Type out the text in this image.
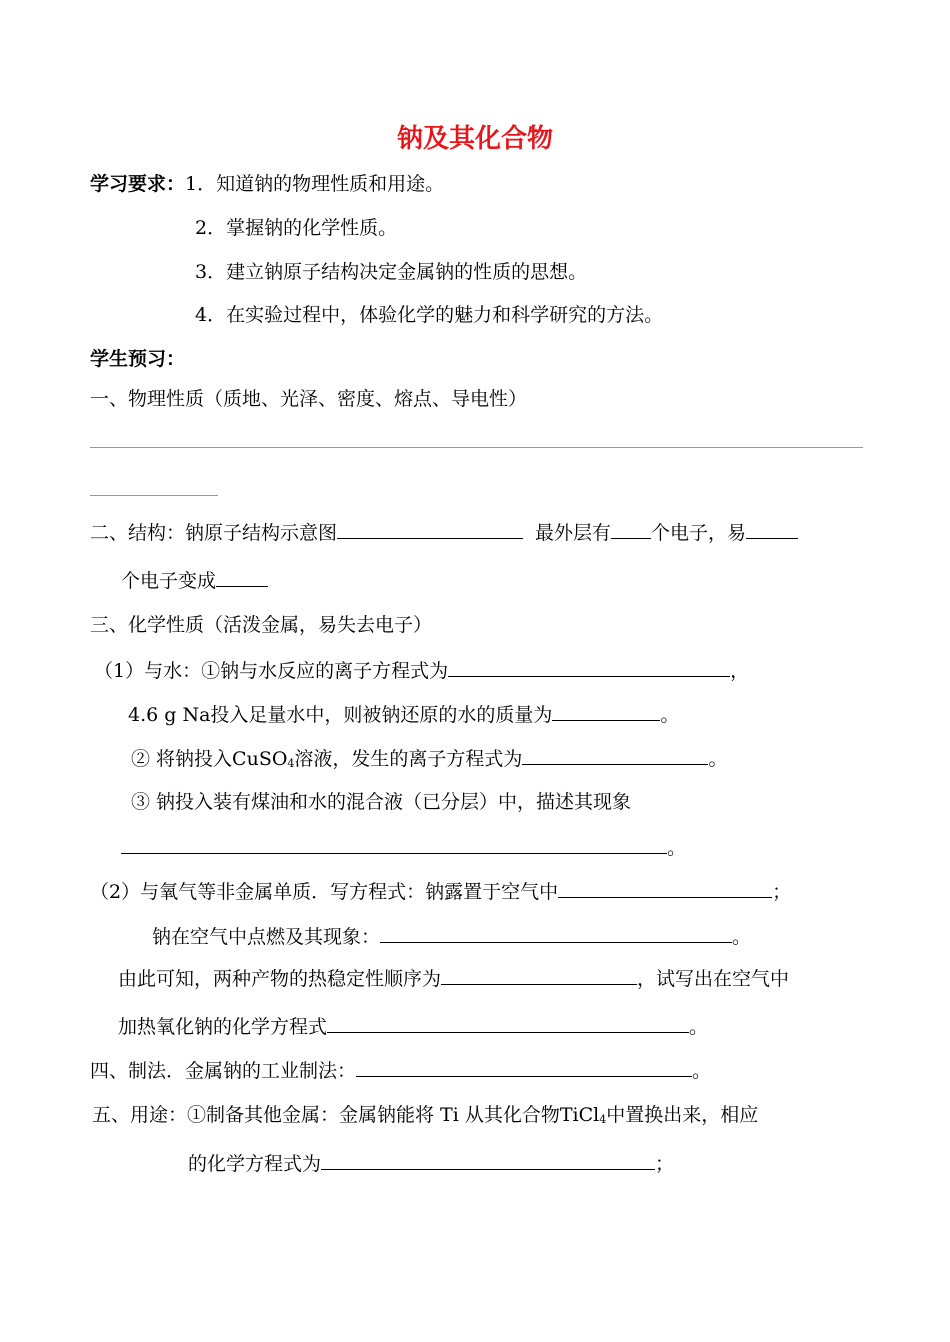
钠及其化合物
学习要求：1．知道钠的物理性质和用途。
2．掌握钠的化学性质。
3．建立钠原子结构决定金属钠的性质的思想。
4．在实验过程中，体验化学的魅力和科学研究的方法。
学生预习：
一、物理性质（质地、光泽、密度、熔点、导电性）
二、结构：钠原子结构示意图	最外层有 个电子，易
个电子变成
三、化学性质（活泼金属，易失去电子）
（1）与水：①钠与水反应的离子方程式为	，
4.6 g Na投入足量水中，则被钠还原的水的质量为	。
② 将钠投入CuSO$_4$溶液，发生的离子方程式为	。
③ 钠投入装有煤油和水的混合液（已分层）中，描述其现象
。
（2）与氧气等非金属单质．写方程式：钠露置于空气中	；
钠在空气中点燃及其现象：	。
由此可知，两种产物的热稳定性顺序为	，试写出在空气中
加热氧化钠的化学方程式	。
四、制法．金属钠的工业制法：	。
五、用途：①制备其他金属：金属钠能将 Ti 从其化合物TiCl$_4$中置换出来，相应
的化学方程式为	；
